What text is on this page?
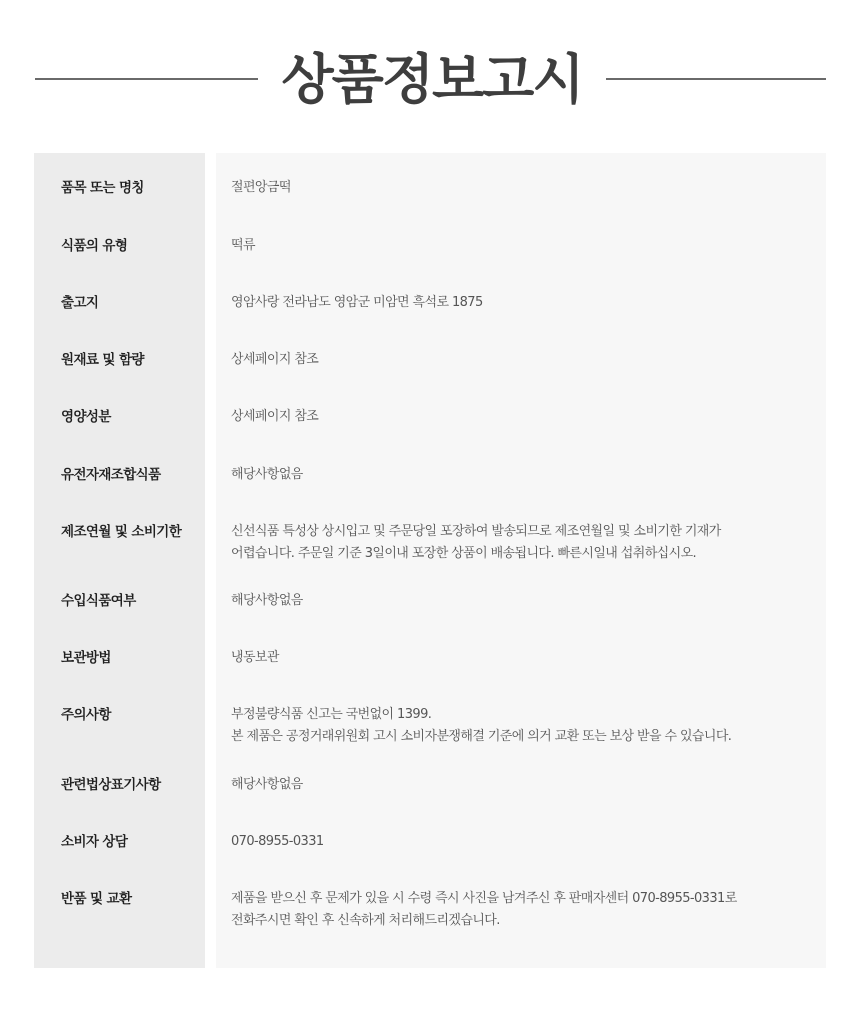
상품정보고시
품목 또는 명칭	절편앙금떡
식품의 유형	떡류
출고지	영암사랑 전라남도 영암군 미암면 흑석로 1875
원재료 및 함량	상세페이지 참조
영양성분	상세페이지 참조
유전자재조합식품	해당사항없음
제조연월 및 소비기한	신선식품 특성상 상시입고 및 주문당일 포장하여 발송되므로 제조연월일 및 소비기한 기재가
어렵습니다. 주문일 기준 3일이내 포장한 상품이 배송됩니다. 빠른시일내 섭취하십시오.
수입식품여부	해당사항없음
보관방법	냉동보관
주의사항	부정불량식품 신고는 국번없이 1399.
본 제품은 공정거래위원회 고시 소비자분쟁해결 기준에 의거 교환 또는 보상 받을 수 있습니다.
관련법상표기사항	해당사항없음
소비자 상담	070-8955-0331
반품 및 교환	제품을 받으신 후 문제가 있을 시 수령 즉시 사진을 남겨주신 후 판매자센터 070-8955-0331로
전화주시면 확인 후 신속하게 처리해드리겠습니다.
